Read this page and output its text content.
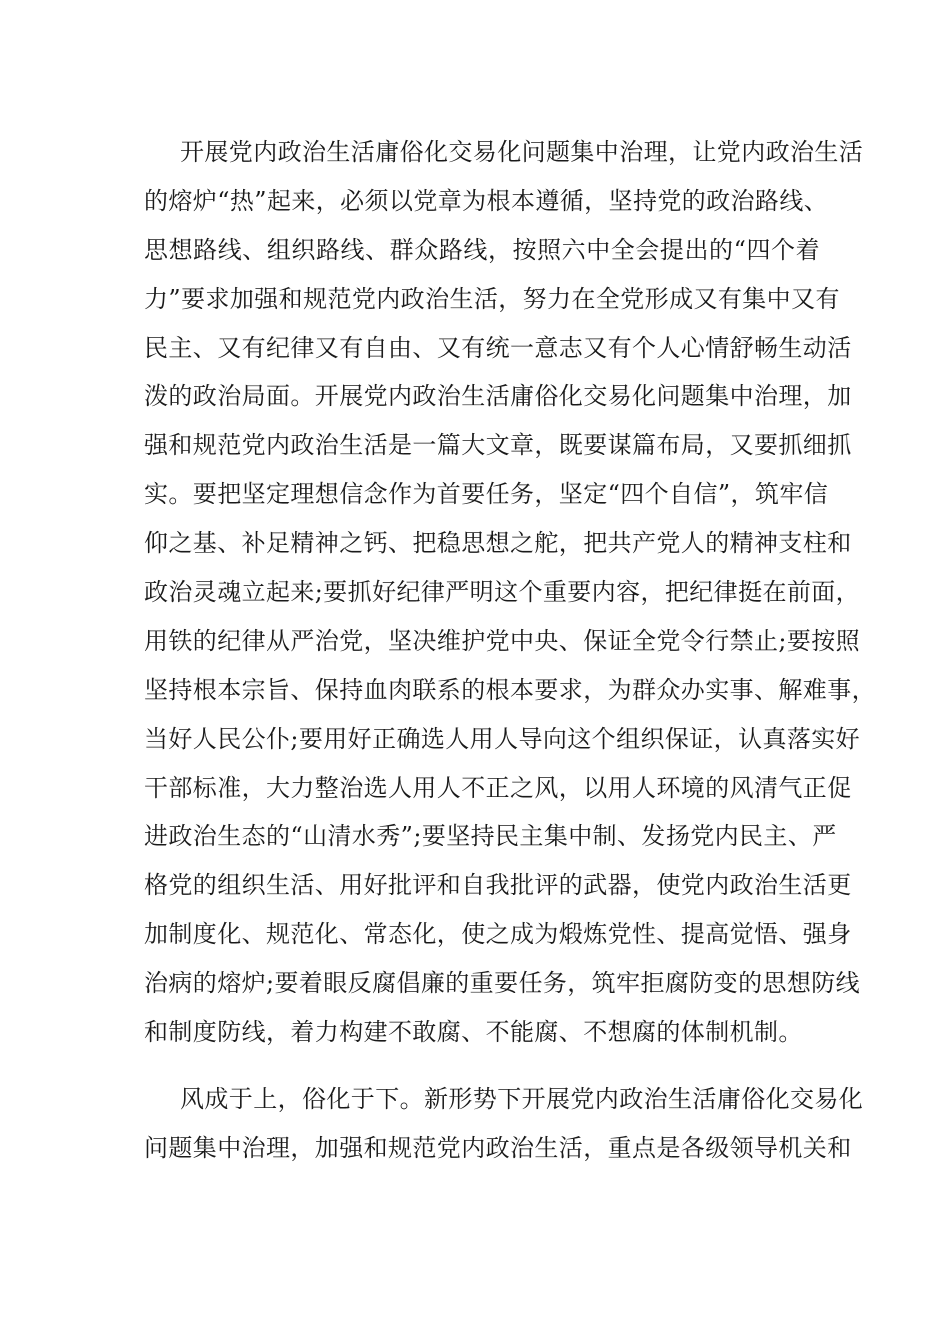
开展党内政治生活庸俗化交易化问题集中治理，让党内政治生活
的熔炉“热”起来，必须以党章为根本遵循，坚持党的政治路线、
思想路线、组织路线、群众路线，按照六中全会提出的“四个着
力”要求加强和规范党内政治生活，努力在全党形成又有集中又有
民主、又有纪律又有自由、又有统一意志又有个人心情舒畅生动活
泼的政治局面。开展党内政治生活庸俗化交易化问题集中治理，加
强和规范党内政治生活是一篇大文章，既要谋篇布局，又要抓细抓
实。要把坚定理想信念作为首要任务，坚定“四个自信”，筑牢信
仰之基、补足精神之钙、把稳思想之舵，把共产党人的精神支柱和
政治灵魂立起来;要抓好纪律严明这个重要内容，把纪律挺在前面，
用铁的纪律从严治党，坚决维护党中央、保证全党令行禁止;要按照
坚持根本宗旨、保持血肉联系的根本要求，为群众办实事、解难事，
当好人民公仆;要用好正确选人用人导向这个组织保证，认真落实好
干部标准，大力整治选人用人不正之风，以用人环境的风清气正促
进政治生态的“山清水秀”;要坚持民主集中制、发扬党内民主、严
格党的组织生活、用好批评和自我批评的武器，使党内政治生活更
加制度化、规范化、常态化，使之成为煅炼党性、提高觉悟、强身
治病的熔炉;要着眼反腐倡廉的重要任务，筑牢拒腐防变的思想防线
和制度防线，着力构建不敢腐、不能腐、不想腐的体制机制。
风成于上，俗化于下。新形势下开展党内政治生活庸俗化交易化
问题集中治理，加强和规范党内政治生活，重点是各级领导机关和
